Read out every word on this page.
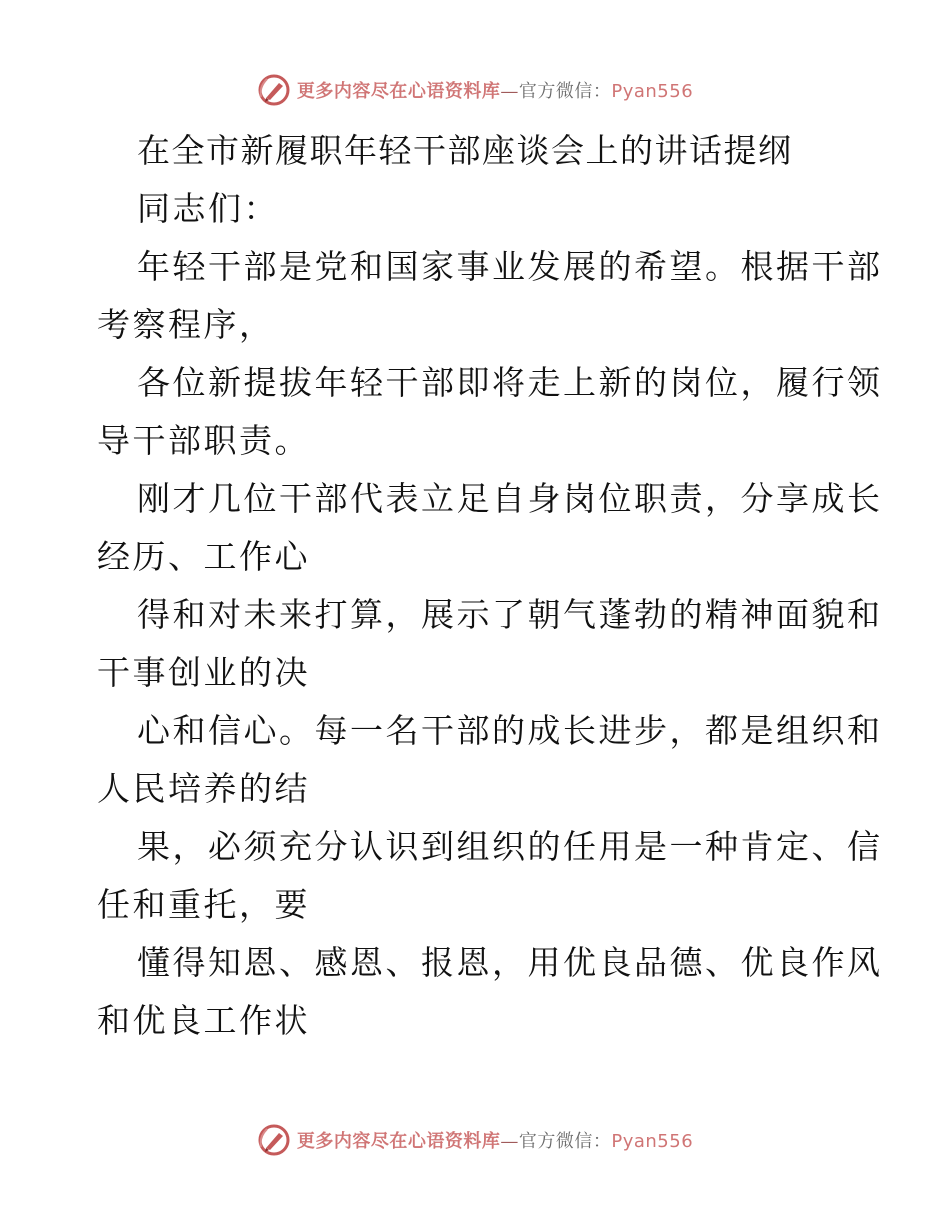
更多内容尽在心语资料库—官方微信：Pyan556
在全市新履职年轻干部座谈会上的讲话提纲
同志们：
年轻干部是党和国家事业发展的希望。根据干部
考察程序，
各位新提拔年轻干部即将走上新的岗位，履行领
导干部职责。
刚才几位干部代表立足自身岗位职责，分享成长
经历、工作心
得和对未来打算，展示了朝气蓬勃的精神面貌和
干事创业的决
心和信心。每一名干部的成长进步，都是组织和
人民培养的结
果，必须充分认识到组织的任用是一种肯定、信
任和重托，要
懂得知恩、感恩、报恩，用优良品德、优良作风
和优良工作状
更多内容尽在心语资料库—官方微信：Pyan556
